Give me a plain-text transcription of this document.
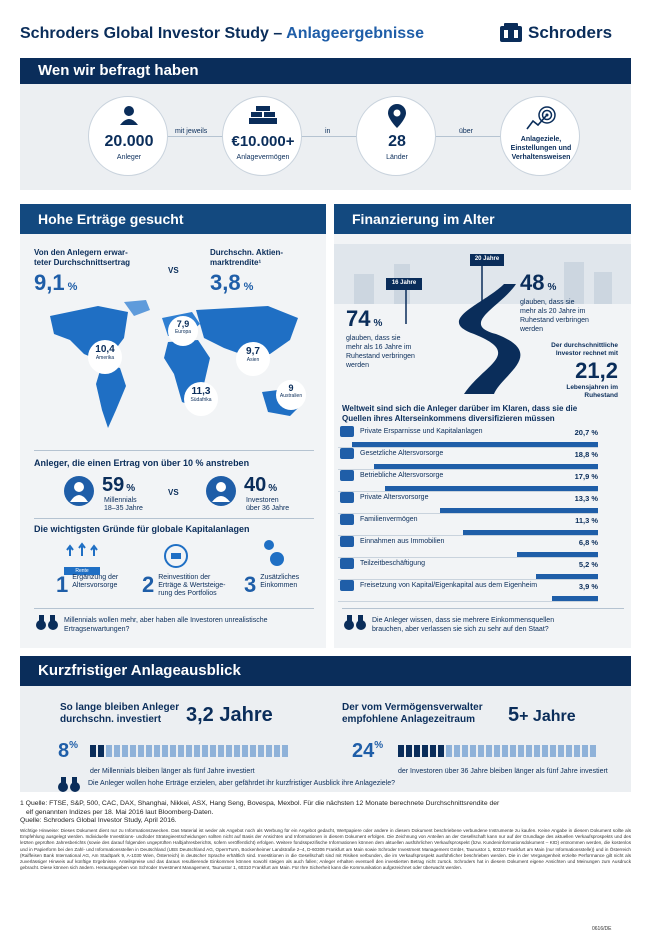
Schroders Global Investor Study – Anlageergebnisse	Schroders
Wen wir befragt haben
20.000
Anleger
mit jeweils
€10.000+
Anlagevermögen
in
28
Länder
über
Anlageziele, Einstellungen und Verhaltensweisen
Hohe Erträge gesucht
Von den Anlegern erwar-
teter Durchschnittsertrag
9,1 %
VS
Durchschn. Aktien-
marktrendite¹
3,8 %
10,4
Amerika
7,9
Europa
9,7
Asien
11,3
Südafrika
9
Australien
Anleger, die einen Ertrag von über 10 % anstreben
59 %
Millennials
18–35 Jahre
VS	40 %
Investoren
über 36 Jahre
Die wichtigsten Gründe für globale Kapitalanlagen
Rente
1 Ergänzung der
Altersvorsorge 2 Reinvestition der
Erträge & Wertsteige-
rung des Portfolios	3 Zusätzliches
Einkommen
Millennials wollen mehr, aber haben alle Investoren unrealistische
Ertragserwartungen?
Finanzierung im Alter
16 Jahre
20 Jahre
74 %
glauben, dass sie
mehr als 16 Jahre im
Ruhestand verbringen
werden
48 %
glauben, dass sie
mehr als 20 Jahre im
Ruhestand verbringen
werden
Der durchschnittliche
Investor rechnet mit
21,2
Lebensjahren im
Ruhestand
Weltweit sind sich die Anleger darüber im Klaren, dass sie die
Quellen ihres Alterseinkommens diversifizieren müssen
Private Ersparnisse und Kapitalanlagen	20,7 %
Gesetzliche Altersvorsorge	18,8 %
Betriebliche Altersvorsorge	17,9 %
Private Altersvorsorge	13,3 %
Familienvermögen	11,3 %
Einnahmen aus Immobilien	6,8 %
Teilzeitbeschäftigung	5,2 %
Freisetzung von Kapital/Eigenkapital aus dem Eigenheim	3,9 %
Die Anleger wissen, dass sie mehrere Einkommensquellen
brauchen, aber verlassen sie sich zu sehr auf den Staat?
Kurzfristiger Anlageausblick
So lange bleiben Anleger
durchschn. investiert	3,2 Jahre	Der vom Vermögensverwalter
empfohlene Anlagezeitraum	5+ Jahre
8%
der Millennials bleiben länger als fünf Jahre investiert
24%
der Investoren über 36 Jahre bleiben länger als fünf Jahre investiert
Die Anleger wollen hohe Erträge erzielen, aber gefährdet ihr kurzfristiger Ausblick ihre Anlageziele?
1 Quelle: FTSE, S&P, 500, CAC, DAX, Shanghai, Nikkei, ASX, Hang Seng, Bovespa, Mexbol. Für die nächsten 12 Monate berechnete Durchschnittsrendite der
elf genannten Indizes per 18. Mai 2016 laut Bloomberg-Daten.
Quelle: Schroders Global Investor Study, April 2016.
Wichtige Hinweise: Dieses Dokument dient nur zu Informationszwecken. Das Material ist weder als Angebot noch als Werbung für ein Angebot gedacht, Wertpapiere oder andere in diesem Dokument beschriebene verbundene Instrumente zu kaufen. Keine Angabe in diesem Dokument sollte als Empfehlung ausgelegt werden. Individuelle Investitions- und/oder Strategieentscheidungen sollten nicht auf Basis der Ansichten und Informationen in diesem Dokument erfolgen. Die Zeichnung von Anteilen an der Gesellschaft kann nur auf der Grundlage des aktuellen Verkaufsprospekts und des letzten geprüften Jahresberichts (sowie des darauf folgenden ungeprüften Halbjahresberichts, sofern veröffentlicht) erfolgen. Weitere fondsspezifische Informationen können dem aktuellen ausführlichen Verkaufsprospekt (bzw. Kundeninformationsdokument – KID) entnommen werden, die kostenlos und in Papierform bei den Zahl- und Informationsstellen in Deutschland (UBS Deutschland AG, OpernTurm, Bockenheimer Landstraße 2–4, D-60306 Frankfurt am Main sowie Schroder Investment Management GmbH, Taunustor 1, 60310 Frankfurt am Main (nur Informationsstelle)) und in Österreich (Raiffeisen Bank International AG, Am Stadtpark 9, A-1030 Wien, Österreich) in deutscher Sprache erhältlich sind. Investitionen in die Gesellschaft sind mit Risiken verbunden, die im Verkaufsprospekt ausführlicher beschrieben werden. Die in der Vergangenheit erzielte Performance gilt nicht als zuverlässiger Hinweis auf künftige Ergebnisse. Anteilspreise und das daraus resultierende Einkommen können sowohl steigen als auch fallen; Anleger erhalten eventuell den investierten Betrag nicht zurück. Schroders hat in diesem Dokument eigene Ansichten und Meinungen zum Ausdruck gebracht. Diese können sich ändern. Herausgegeben von Schroder Investment Management, Taunustor 1, 60310 Frankfurt am Main. Für Ihre Sicherheit kann die Kommunikation aufgezeichnet oder überwacht werden.
0616/DE
